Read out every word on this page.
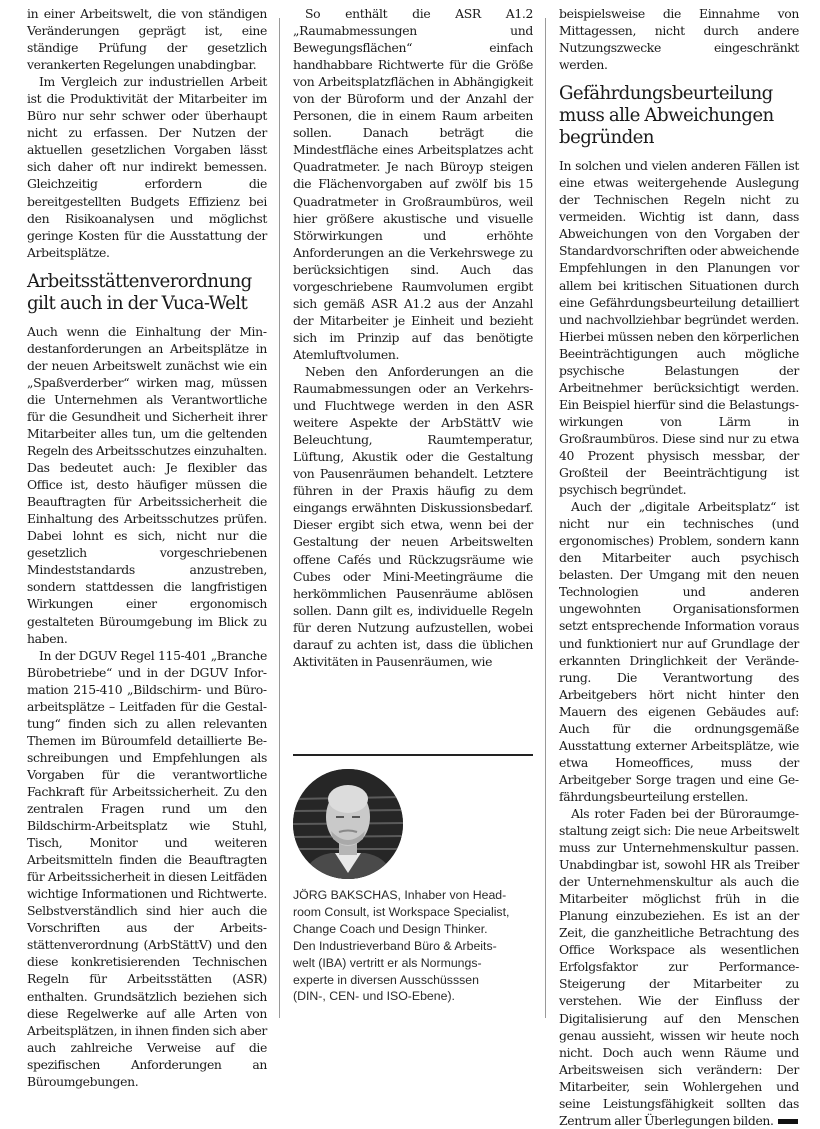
in einer Arbeitswelt, die von ständigen Veränderungen geprägt ist, eine ständige Prüfung der gesetzlich verankerten Regelungen unabdingbar.

Im Vergleich zur industriellen Arbeit ist die Produktivität der Mitarbeiter im Büro nur sehr schwer oder überhaupt nicht zu erfassen. Der Nutzen der aktuellen gesetzlichen Vorgaben lässt sich daher oft nur indirekt bemessen. Gleichzeitig erfordern die bereitgestellten Budgets Effizienz bei den Risikoanalysen und möglichst geringe Kosten für die Ausstattung der Arbeitsplätze.

Arbeitsstättenverordnung gilt auch in der Vuca-Welt

Auch wenn die Einhaltung der Mindestanforderungen an Arbeitsplätze in der neuen Arbeitswelt zunächst wie ein „Spaßverderber“ wirken mag, müssen die Unternehmen als Verantwortliche für die Gesundheit und Sicherheit ihrer Mitarbeiter alles tun, um die geltenden Regeln des Arbeitsschutzes einzuhalten. Das bedeutet auch: Je flexibler das Office ist, desto häufiger müssen die Beauftragten für Arbeitssicherheit die Einhaltung des Arbeitsschutzes prüfen. Dabei lohnt es sich, nicht nur die gesetzlich vorgeschriebenen Mindeststandards anzustreben, sondern stattdessen die langfristigen Wirkungen einer ergonomisch gestalteten Büroumgebung im Blick zu haben.

In der DGUV Regel 115-401 „Branche Bürobetriebe“ und in der DGUV Information 215-410 „Bildschirm- und Büroarbeitsplätze – Leitfaden für die Gestaltung“ finden sich zu allen relevanten Themen im Büroumfeld detaillierte Beschreibungen und Empfehlungen als Vorgaben für die verantwortliche Fachkraft für Arbeitssicherheit. Zu den zentralen Fragen rund um den Bildschirm-Arbeitsplatz wie Stuhl, Tisch, Monitor und weiteren Arbeitsmitteln finden die Beauftragten für Arbeitssicherheit in diesen Leitfäden wichtige Informationen und Richtwerte. Selbstverständlich sind hier auch die Vorschriften aus der Arbeitsstättenverordnung (ArbStättV) und den diese konkretisierenden Technischen Regeln für Arbeitsstätten (ASR) enthalten. Grundsätzlich beziehen sich diese Regelwerke auf alle Arten von Arbeitsplätzen, in ihnen finden sich aber auch zahlreiche Verweise auf die spezifischen Anforderungen an Büroumgebungen.

So enthält die ASR A1.2 „Raumabmessungen und Bewegungsflächen“ einfach handhabbare Richtwerte für die Größe von Arbeitsplatzflächen in Abhängigkeit von der Büroform und der Anzahl der Personen, die in einem Raum arbeiten sollen. Danach beträgt die Mindestfläche eines Arbeitsplatzes acht Quadratmeter. Je nach Büroyp steigen die Flächenvorgaben auf zwölf bis 15 Quadratmeter in Großraumbüros, weil hier größere akustische und visuelle Störwirkungen und erhöhte Anforderungen an die Verkehrswege zu berücksichtigen sind. Auch das vorgeschriebene Raumvolumen ergibt sich gemäß ASR A1.2 aus der Anzahl der Mitarbeiter je Einheit und bezieht sich im Prinzip auf das benötigte Atemluftvolumen.

Neben den Anforderungen an die Raumabmessungen oder an Verkehrs- und Fluchtwege werden in den ASR weitere Aspekte der ArbStättV wie Beleuchtung, Raumtemperatur, Lüftung, Akustik oder die Gestaltung von Pausenräumen behandelt. Letztere führen in der Praxis häufig zu dem eingangs erwähnten Diskussionsbedarf. Dieser ergibt sich etwa, wenn bei der Gestaltung der neuen Arbeitswelten offene Cafés und Rückzugsräume wie Cubes oder Mini-Meetingräume die herkömmlichen Pausenräume ablösen sollen. Dann gilt es, individuelle Regeln für deren Nutzung aufzustellen, wobei darauf zu achten ist, dass die üblichen Aktivitäten in Pausenräumen, wie

beispielsweise die Einnahme von Mittagessen, nicht durch andere Nutzungszwecke eingeschränkt werden.

Gefährdungsbeurteilung muss alle Abweichungen begründen

In solchen und vielen anderen Fällen ist eine etwas weitergehende Auslegung der Technischen Regeln nicht zu vermeiden. Wichtig ist dann, dass Abweichungen von den Vorgaben der Standardvorschriften oder abweichende Empfehlungen in den Planungen vor allem bei kritischen Situationen durch eine Gefährdungsbeurteilung detailliert und nachvollziehbar begründet werden. Hierbei müssen neben den körperlichen Beeinträchtigungen auch mögliche psychische Belastungen der Arbeitnehmer berücksichtigt werden. Ein Beispiel hierfür sind die Belastungswirkungen von Lärm in Großraumbüros. Diese sind nur zu etwa 40 Prozent physisch messbar, der Großteil der Beeinträchtigung ist psychisch begründet.

Auch der „digitale Arbeitsplatz“ ist nicht nur ein technisches (und ergonomisches) Problem, sondern kann den Mitarbeiter auch psychisch belasten. Der Umgang mit den neuen Technologien und anderen ungewohnten Organisationsformen setzt entsprechende Information voraus und funktioniert nur auf Grundlage der erkannten Dringlichkeit der Veränderung. Die Verantwortung des Arbeitgebers hört nicht hinter den Mauern des eigenen Gebäudes auf: Auch für die ordnungsgemäße Ausstattung externer Arbeitsplätze, wie etwa Homeoffices, muss der Arbeitgeber Sorge tragen und eine Gefährdungsbeurteilung erstellen.

Als roter Faden bei der Büroraumgestaltung zeigt sich: Die neue Arbeitswelt muss zur Unternehmenskultur passen. Unabdingbar ist, sowohl HR als Treiber der Unternehmenskultur als auch die Mitarbeiter möglichst früh in die Planung einzubeziehen. Es ist an der Zeit, die ganzheitliche Betrachtung des Office Workspace als wesentlichen Erfolgsfaktor zur Performance-Steigerung der Mitarbeiter zu verstehen. Wie der Einfluss der Digitalisierung auf den Menschen genau aussieht, wissen wir heute noch nicht. Doch auch wenn Räume und Arbeitsweisen sich verändern: Der Mitarbeiter, sein Wohlergehen und seine Leistungsfähigkeit sollten das Zentrum aller Überlegungen bilden.

JÖRG BAKSCHAS, Inhaber von Head-
room Consult, ist Workspace Specialist,
Change Coach und Design Thinker.
Den Industrieverband Büro & Arbeits-
welt (IBA) vertritt er als Normungs-
experte in diversen Ausschüsssen
(DIN-, CEN- und ISO-Ebene).
